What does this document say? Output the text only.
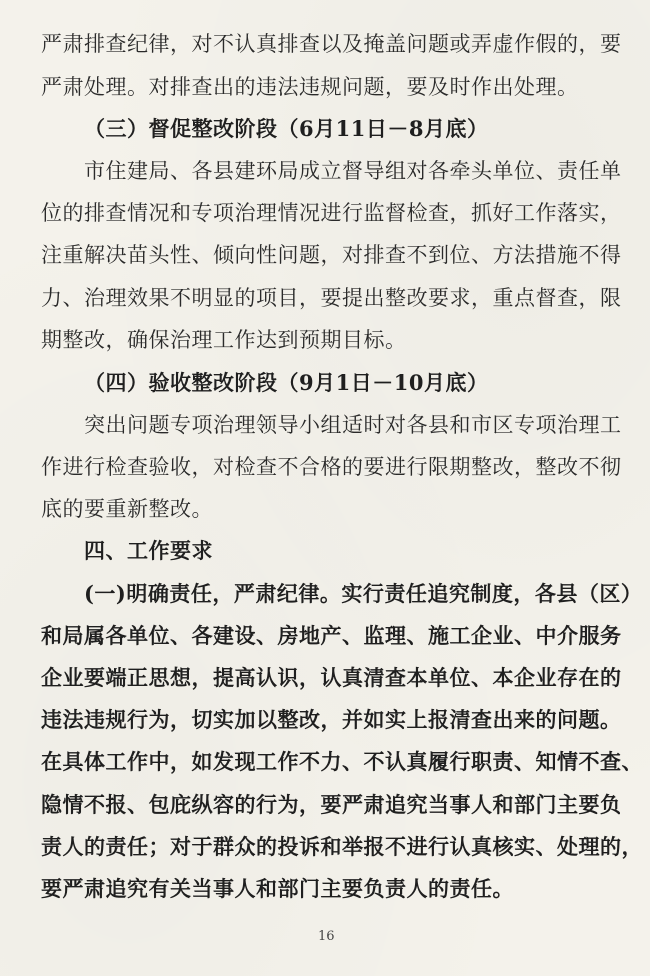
严肃排查纪律，对不认真排查以及掩盖问题或弄虚作假的，要
严肃处理。对排查出的违法违规问题，要及时作出处理。
（三）督促整改阶段（6月11日－8月底）
市住建局、各县建环局成立督导组对各牵头单位、责任单
位的排查情况和专项治理情况进行监督检查，抓好工作落实，
注重解决苗头性、倾向性问题，对排查不到位、方法措施不得
力、治理效果不明显的项目，要提出整改要求，重点督查，限
期整改，确保治理工作达到预期目标。
（四）验收整改阶段（9月1日－10月底）
突出问题专项治理领导小组适时对各县和市区专项治理工
作进行检查验收，对检查不合格的要进行限期整改，整改不彻
底的要重新整改。
四、工作要求
(一)明确责任，严肃纪律。实行责任追究制度，各县（区）
和局属各单位、各建设、房地产、监理、施工企业、中介服务
企业要端正思想，提高认识，认真清查本单位、本企业存在的
违法违规行为，切实加以整改，并如实上报清查出来的问题。
在具体工作中，如发现工作不力、不认真履行职责、知情不查、
隐情不报、包庇纵容的行为，要严肃追究当事人和部门主要负
责人的责任；对于群众的投诉和举报不进行认真核实、处理的，
要严肃追究有关当事人和部门主要负责人的责任。
16
